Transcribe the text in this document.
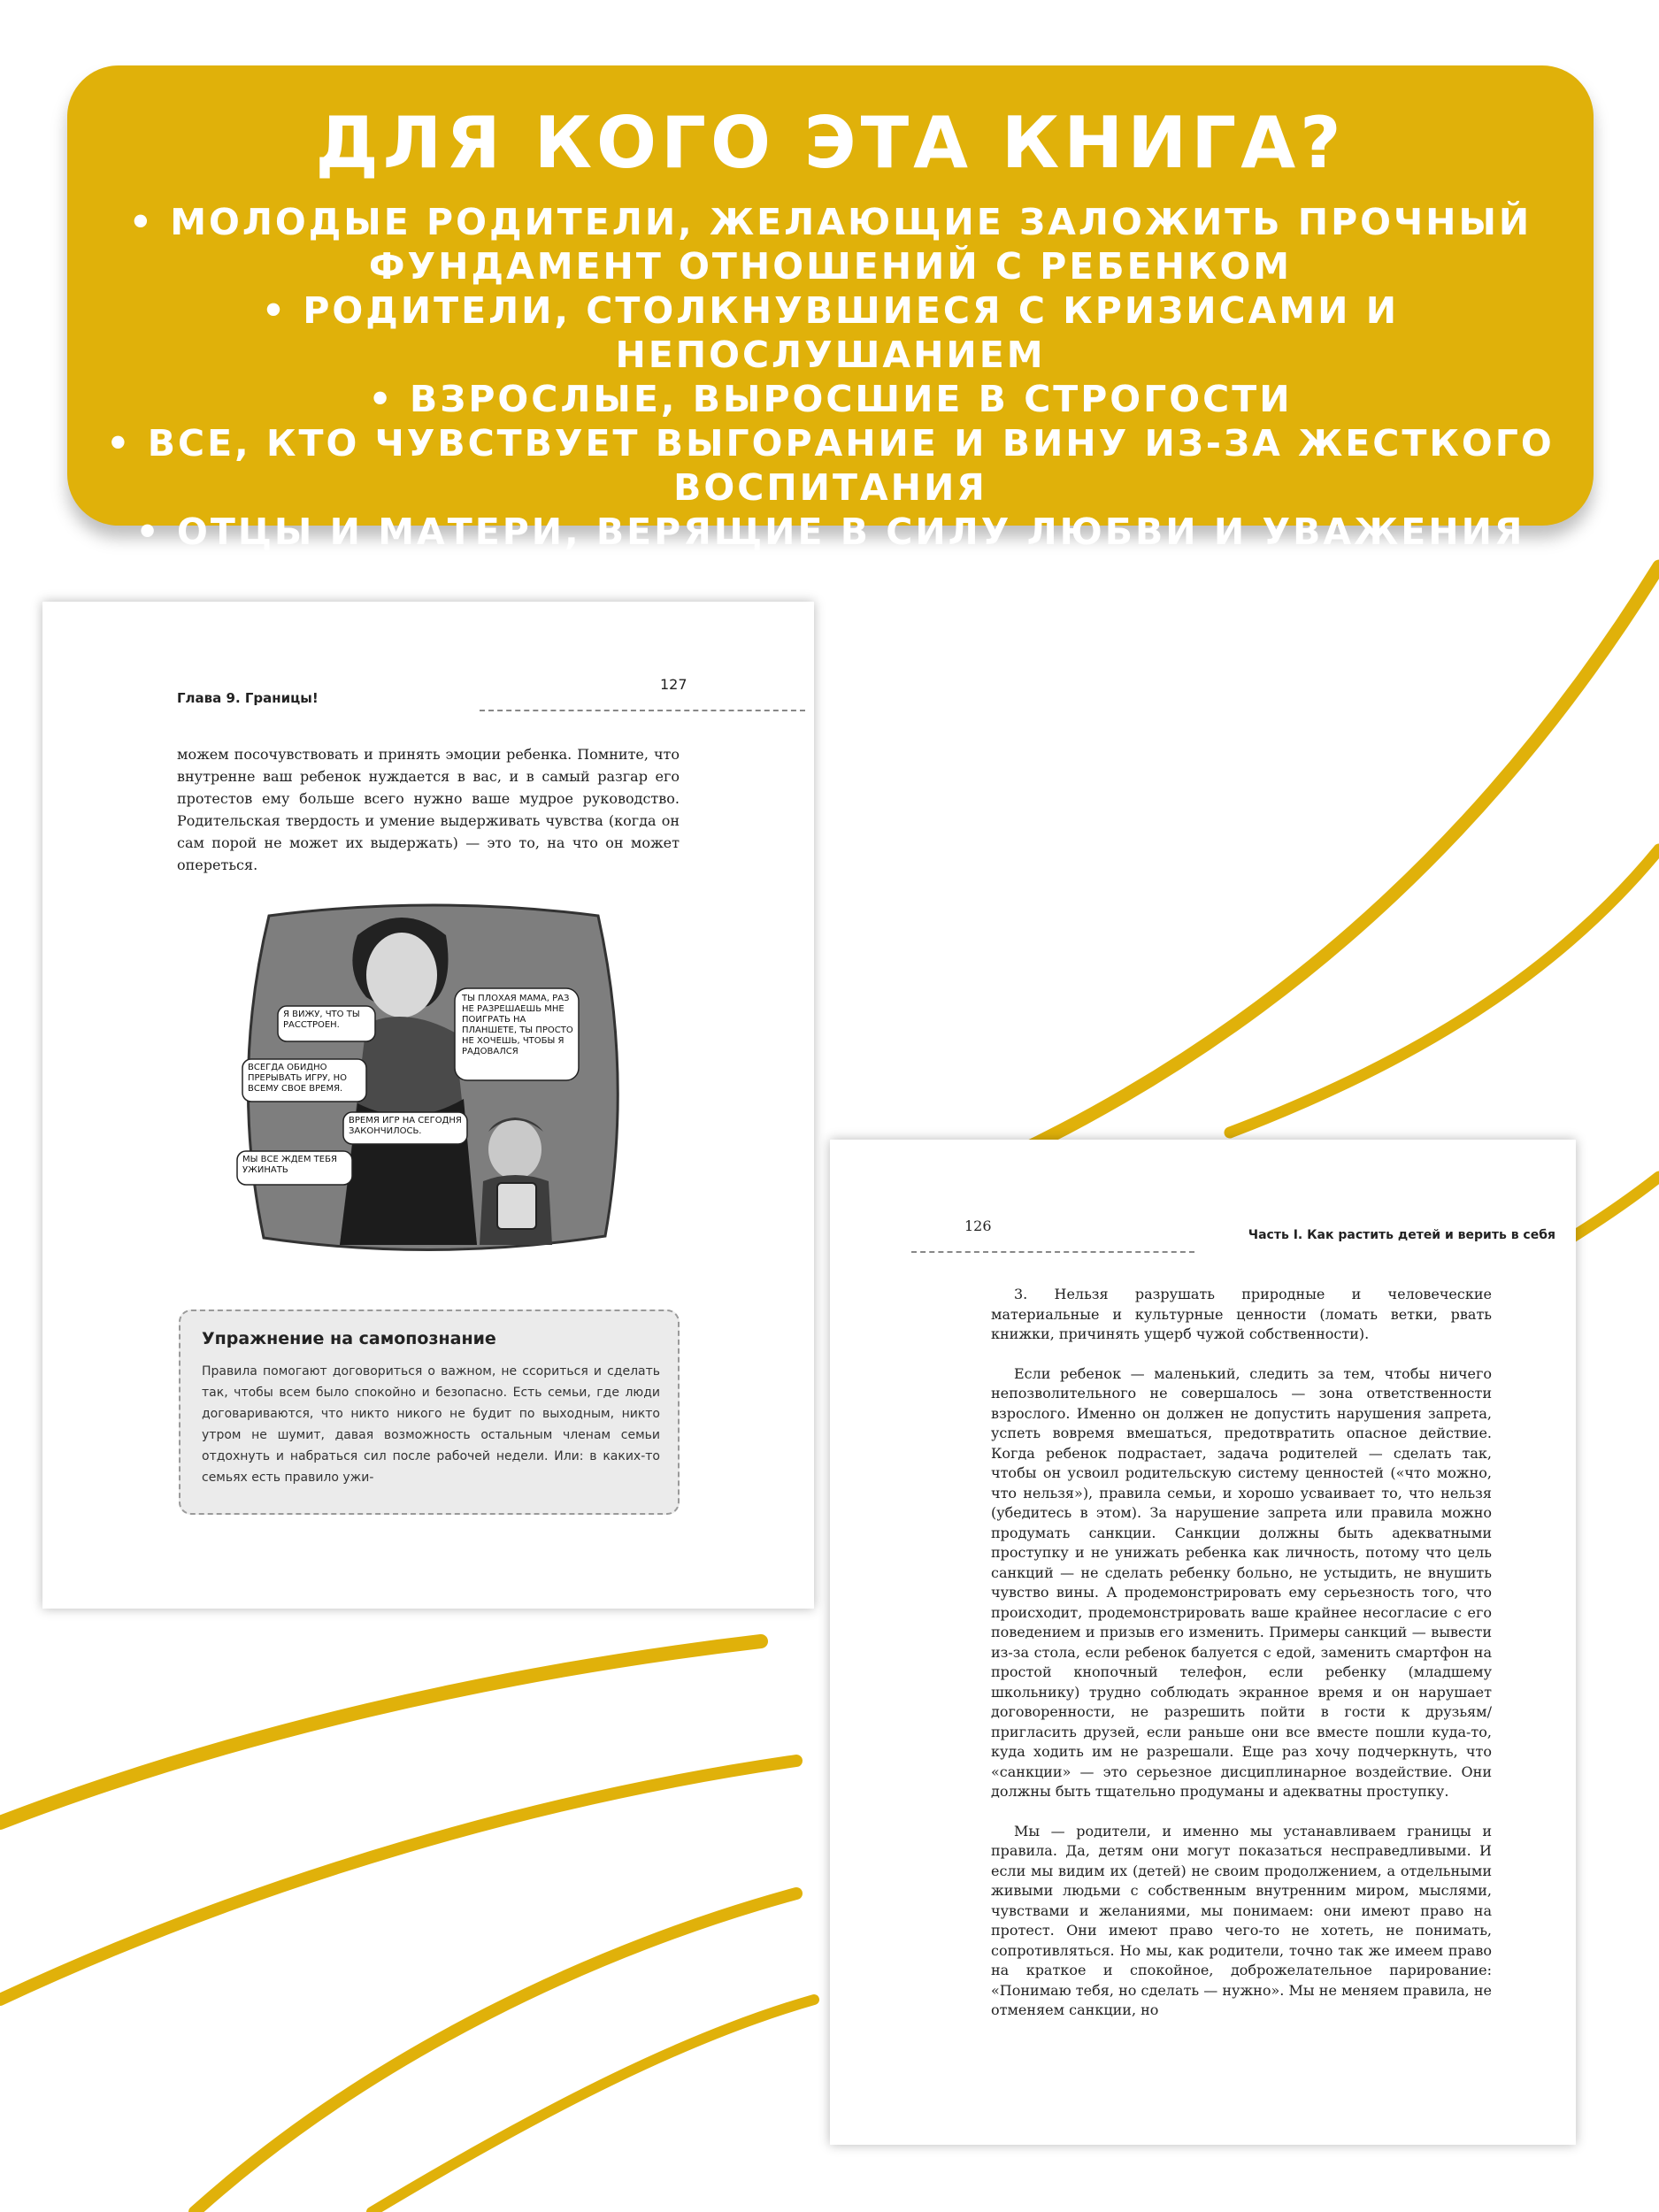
ДЛЯ КОГО ЭТА КНИГА?
• МОЛОДЫЕ РОДИТЕЛИ, ЖЕЛАЮЩИЕ ЗАЛОЖИТЬ ПРОЧНЫЙ
ФУНДАМЕНТ ОТНОШЕНИЙ С РЕБЕНКОМ
• РОДИТЕЛИ, СТОЛКНУВШИЕСЯ С КРИЗИСАМИ И НЕПОСЛУШАНИЕМ
• ВЗРОСЛЫЕ, ВЫРОСШИЕ В СТРОГОСТИ
• ВСЕ, КТО ЧУВСТВУЕТ ВЫГОРАНИЕ И ВИНУ ИЗ-ЗА ЖЕСТКОГО
ВОСПИТАНИЯ
• ОТЦЫ И МАТЕРИ, ВЕРЯЩИЕ В СИЛУ ЛЮБВИ И УВАЖЕНИЯ
Глава 9. Границы!
127

можем посочувствовать и принять эмоции ребенка. Помните, что внутренне ваш ребенок нуждается в вас, и в самый разгар его протестов ему больше всего нужно ваше мудрое руководство. Родительская твердость и умение выдерживать чувства (когда он сам порой не может их выдержать) — это то, на что он может опереться.

Я ВИЖУ, ЧТО ТЫ РАССТРОЕН.
ВСЕГДА ОБИДНО ПРЕРЫВАТЬ ИГРУ, НО ВСЕМУ СВОЕ ВРЕМЯ.
ВРЕМЯ ИГР НА СЕГОДНЯ ЗАКОНЧИЛОСЬ.
МЫ ВСЕ ЖДЕМ ТЕБЯ УЖИНАТЬ
ТЫ ПЛОХАЯ МАМА, РАЗ НЕ РАЗРЕШАЕШЬ МНЕ ПОИГРАТЬ НА ПЛАНШЕТЕ, ТЫ ПРОСТО НЕ ХОЧЕШЬ, ЧТОБЫ Я РАДОВАЛСЯ
Упражнение на самопознание
Правила помогают договориться о важном, не ссориться и сделать так, чтобы всем было спокойно и безопасно. Есть семьи, где люди договариваются, что никто никого не будит по выходным, никто утром не шумит, давая возможность остальным членам семьи отдохнуть и набраться сил после рабочей недели. Или: в каких-то семьях есть правило ужи-
126
Часть I. Как растить детей и верить в себя

3. Нельзя разрушать природные и человеческие материальные и культурные ценности (ломать ветки, рвать книжки, причинять ущерб чужой собственности).

Если ребенок — маленький, следить за тем, чтобы ничего непозволительного не совершалось — зона ответственности взрослого. Именно он должен не допустить нарушения запрета, успеть вовремя вмешаться, предотвратить опасное действие. Когда ребенок подрастает, задача родителей — сделать так, чтобы он усвоил родительскую систему ценностей («что можно, что нельзя»), правила семьи, и хорошо усваивает то, что нельзя (убедитесь в этом). За нарушение запрета или правила можно продумать санкции. Санкции должны быть адекватными проступку и не унижать ребенка как личность, потому что цель санкций — не сделать ребенку больно, не устыдить, не внушить чувство вины. А продемонстрировать ему серьезность того, что происходит, продемонстрировать ваше крайнее несогласие с его поведением и призыв его изменить. Примеры санкций — вывести из-за стола, если ребенок балуется с едой, заменить смартфон на простой кнопочный телефон, если ребенку (младшему школьнику) трудно соблюдать экранное время и он нарушает договоренности, не разрешить пойти в гости к друзьям/пригласить друзей, если раньше они все вместе пошли куда-то, куда ходить им не разрешали. Еще раз хочу подчеркнуть, что «санкции» — это серьезное дисциплинарное воздействие. Они должны быть тщательно продуманы и адекватны проступку.

Мы — родители, и именно мы устанавливаем границы и правила. Да, детям они могут показаться несправедливыми. И если мы видим их (детей) не своим продолжением, а отдельными живыми людьми с собственным внутренним миром, мыслями, чувствами и желаниями, мы понимаем: они имеют право на протест. Они имеют право чего-то не хотеть, не понимать, сопротивляться. Но мы, как родители, точно так же имеем право на краткое и спокойное, доброжелательное парирование: «Понимаю тебя, но сделать — нужно». Мы не меняем правила, не отменяем санкции, но
